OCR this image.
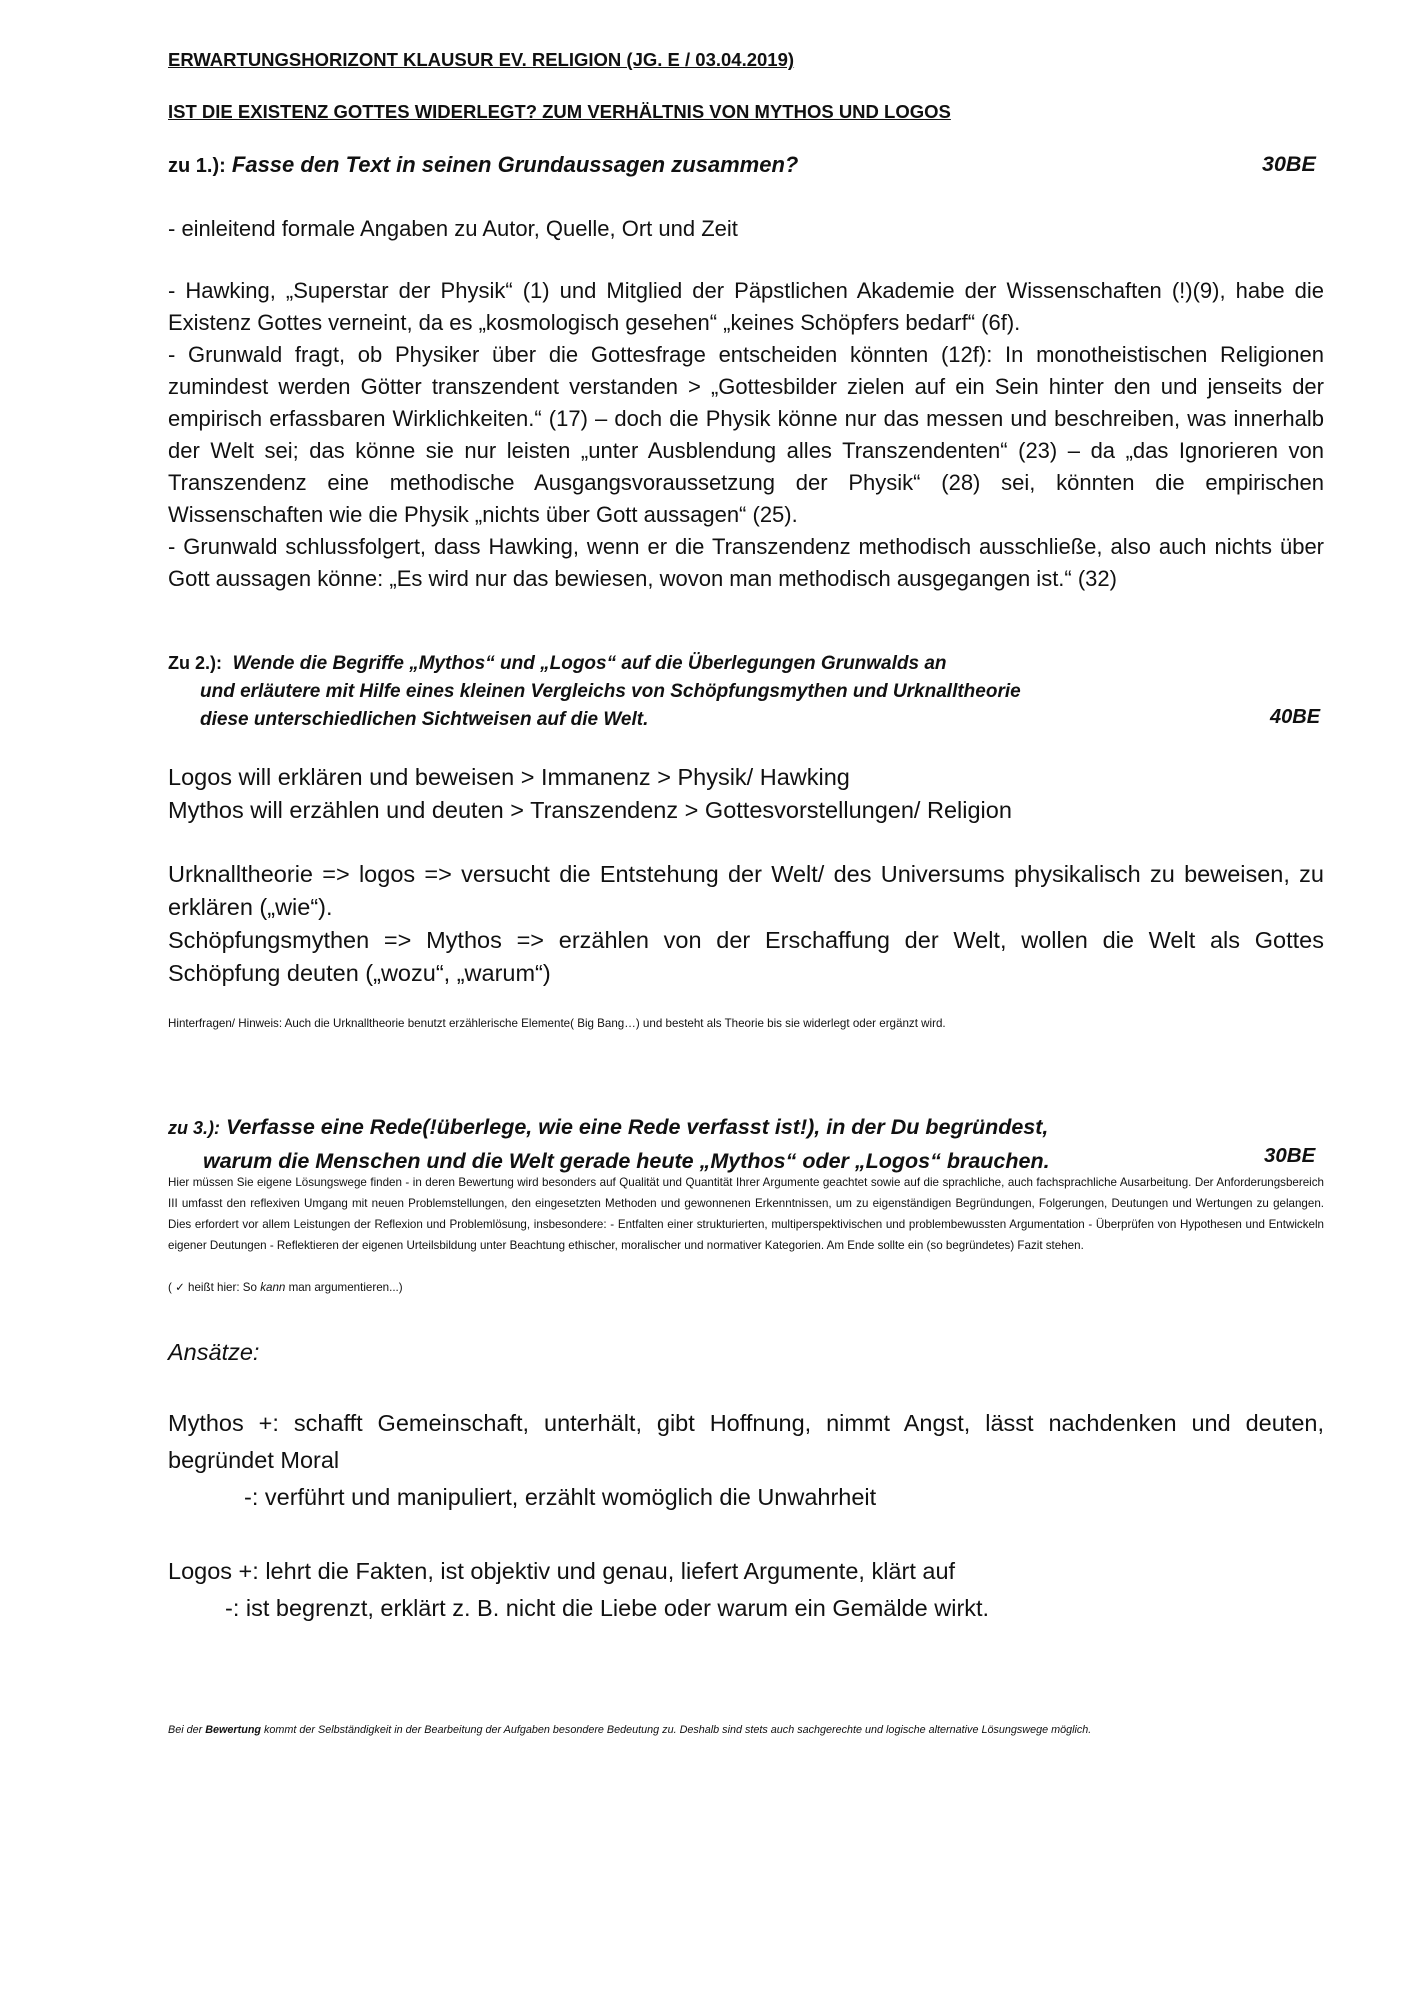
ERWARTUNGSHORIZONT KLAUSUR EV. RELIGION (JG. E / 03.04.2019)
IST DIE EXISTENZ GOTTES WIDERLEGT? ZUM VERHÄLTNIS VON MYTHOS UND LOGOS
zu 1.): Fasse den Text in seinen Grundaussagen zusammen?	30BE
- einleitend formale Angaben zu Autor, Quelle, Ort und Zeit

- Hawking, „Superstar der Physik“ (1) und Mitglied der Päpstlichen Akademie der Wissenschaften (!)(9), habe die Existenz Gottes verneint, da es „kosmologisch gesehen“ „keines Schöpfers bedarf“ (6f).

- Grunwald fragt, ob Physiker über die Gottesfrage entscheiden könnten (12f): In monotheistischen Religionen zumindest werden Götter transzendent verstanden > „Gottesbilder zielen auf ein Sein hinter den und jenseits der empirisch erfassbaren Wirklichkeiten.“ (17) – doch die Physik könne nur das messen und beschreiben, was innerhalb der Welt sei; das könne sie nur leisten „unter Ausblendung alles Transzendenten“ (23) – da „das Ignorieren von Transzendenz eine methodische Ausgangsvoraussetzung der Physik“ (28) sei, könnten die empirischen Wissenschaften wie die Physik „nichts über Gott aussagen“ (25).

- Grunwald schlussfolgert, dass Hawking, wenn er die Transzendenz methodisch ausschließe, also auch nichts über Gott aussagen könne: „Es wird nur das bewiesen, wovon man methodisch ausgegangen ist.“ (32)

Zu 2.): Wende die Begriffe „Mythos“ und „Logos“ auf die Überlegungen Grunwalds an
und erläutere mit Hilfe eines kleinen Vergleichs von Schöpfungsmythen und Urknalltheorie
diese unterschiedlichen Sichtweisen auf die Welt.	40BE
Logos will erklären und beweisen > Immanenz > Physik/ Hawking
Mythos will erzählen und deuten > Transzendenz > Gottesvorstellungen/ Religion

Urknalltheorie => logos => versucht die Entstehung der Welt/ des Universums physikalisch zu beweisen, zu erklären („wie“).

Schöpfungsmythen => Mythos => erzählen von der Erschaffung der Welt, wollen die Welt als Gottes Schöpfung deuten („wozu“, „warum“)

Hinterfragen/ Hinweis: Auch die Urknalltheorie benutzt erzählerische Elemente( Big Bang…) und besteht als Theorie bis sie widerlegt oder ergänzt wird.
zu 3.): Verfasse eine Rede(!überlege, wie eine Rede verfasst ist!), in der Du begründest,
warum die Menschen und die Welt gerade heute „Mythos“ oder „Logos“ brauchen.	30BE
Hier müssen Sie eigene Lösungswege finden - in deren Bewertung wird besonders auf Qualität und Quantität Ihrer Argumente geachtet sowie auf die sprachliche, auch fachsprachliche Ausarbeitung. Der Anforderungsbereich III umfasst den reflexiven Umgang mit neuen Problemstellungen, den eingesetzten Methoden und gewonnenen Erkenntnissen, um zu eigenständigen Begründungen, Folgerungen, Deutungen und Wertungen zu gelangen. Dies erfordert vor allem Leistungen der Reflexion und Problemlösung, insbesondere: - Entfalten einer strukturierten, multiperspektivischen und problembewussten Argumentation - Überprüfen von Hypothesen und Entwickeln eigener Deutungen - Reflektieren der eigenen Urteilsbildung unter Beachtung ethischer, moralischer und normativer Kategorien. Am Ende sollte ein (so begründetes) Fazit stehen.
( ✓ heißt hier: So kann man argumentieren...)
Ansätze:

Mythos +: schafft Gemeinschaft, unterhält, gibt Hoffnung, nimmt Angst, lässt nachdenken und deuten, begründet Moral

-: verführt und manipuliert, erzählt womöglich die Unwahrheit

Logos +: lehrt die Fakten, ist objektiv und genau, liefert Argumente, klärt auf

-: ist begrenzt, erklärt z. B. nicht die Liebe oder warum ein Gemälde wirkt.

Bei der Bewertung kommt der Selbständigkeit in der Bearbeitung der Aufgaben besondere Bedeutung zu. Deshalb sind stets auch sachgerechte und logische alternative Lösungswege möglich.
